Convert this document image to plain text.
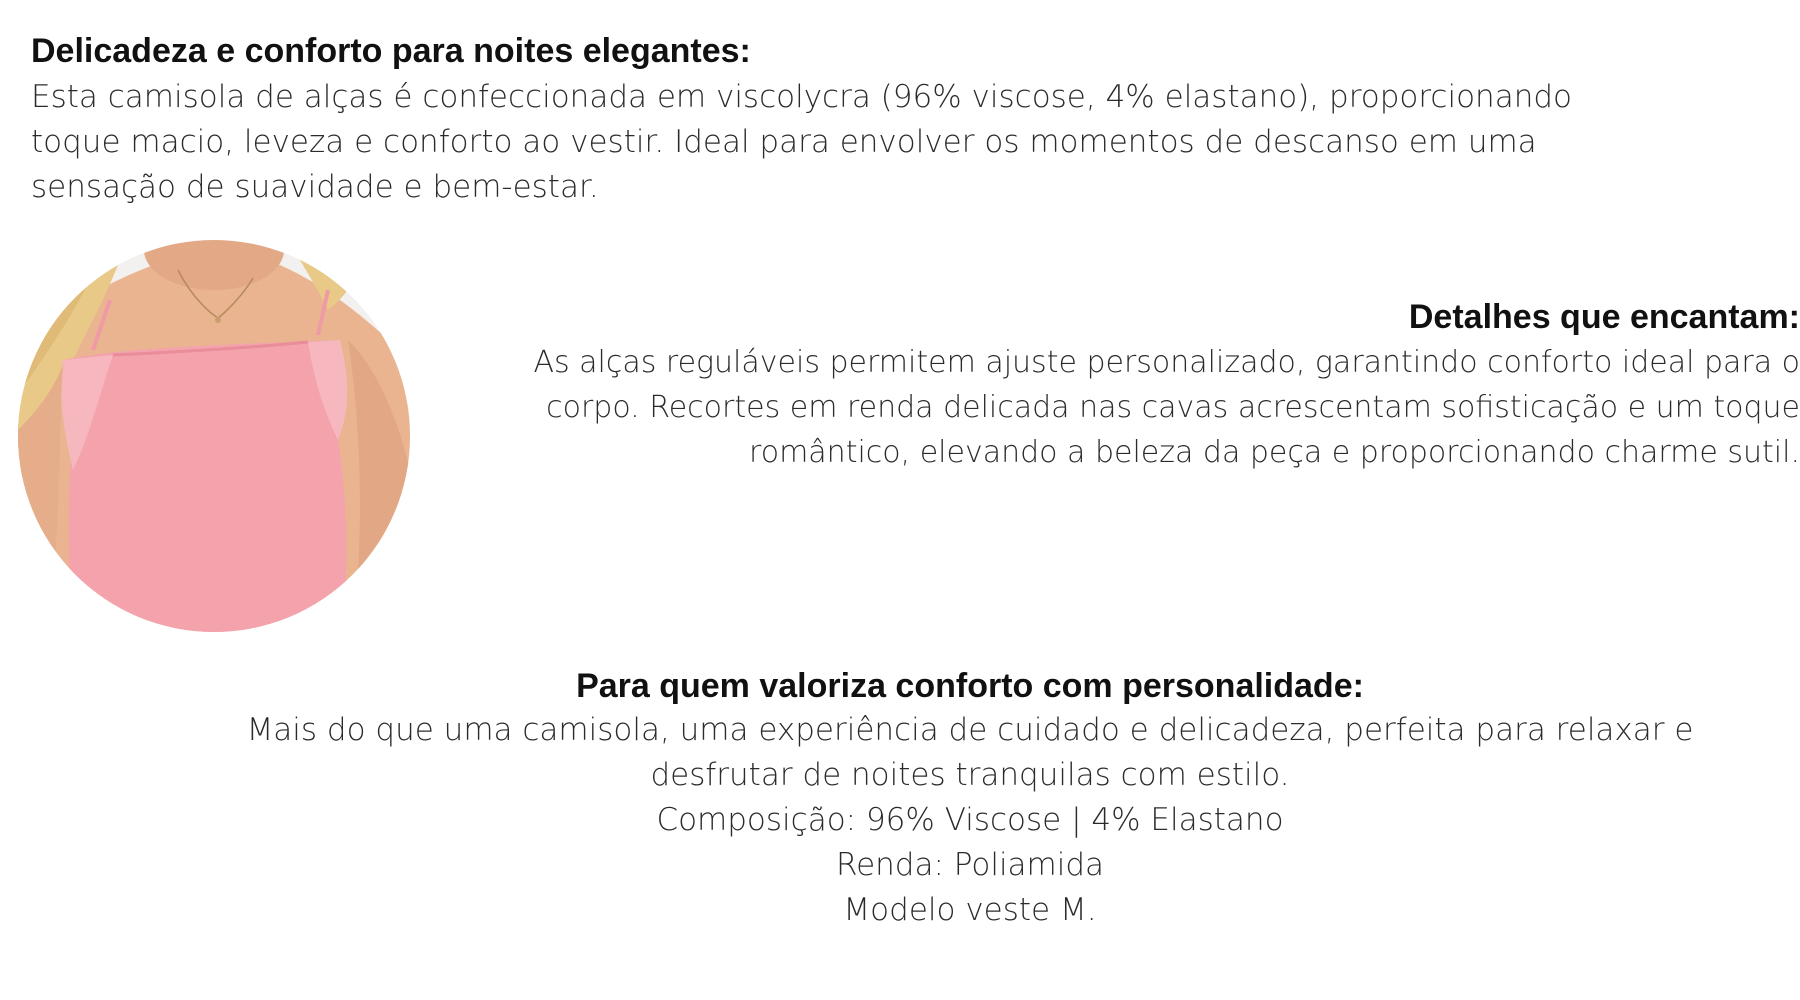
Delicadeza e conforto para noites elegantes:

Esta camisola de alças é confeccionada em viscolycra (96% viscose, 4% elastano), proporcionando
toque macio, leveza e conforto ao vestir. Ideal para envolver os momentos de descanso em uma
sensação de suavidade e bem-estar.

Detalhes que encantam:

As alças reguláveis permitem ajuste personalizado, garantindo conforto ideal para o
corpo. Recortes em renda delicada nas cavas acrescentam sofisticação e um toque
romântico, elevando a beleza da peça e proporcionando charme sutil.

Para quem valoriza conforto com personalidade:

Mais do que uma camisola, uma experiência de cuidado e delicadeza, perfeita para relaxar e
desfrutar de noites tranquilas com estilo.
Composição: 96% Viscose | 4% Elastano
Renda: Poliamida
Modelo veste M.
